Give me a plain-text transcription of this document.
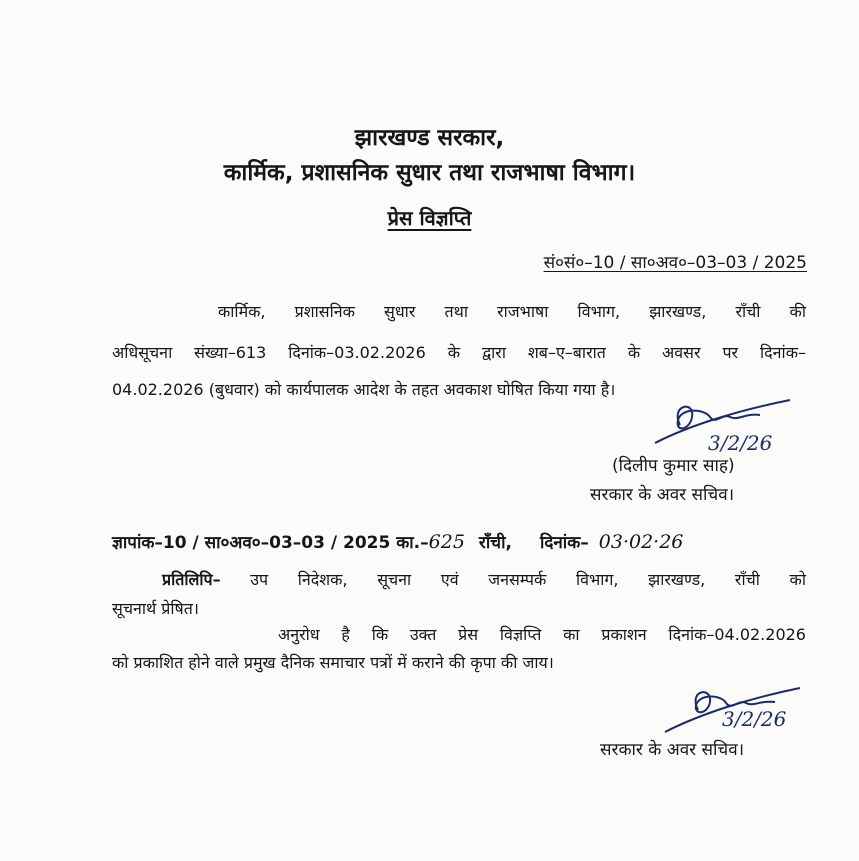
झारखण्ड सरकार,
कार्मिक, प्रशासनिक सुधार तथा राजभाषा विभाग।
प्रेस विज्ञप्ति
सं०सं०–10 / सा०अव०–03–03 / 2025
कार्मिक, प्रशासनिक सुधार तथा राजभाषा विभाग, झारखण्ड, राँची की
अधिसूचना संख्या–613 दिनांक–03.02.2026 के द्वारा शब–ए–बारात के अवसर पर दिनांक–
04.02.2026 (बुधवार) को कार्यपालक आदेश के तहत अवकाश घोषित किया गया है।
3/2/26
(दिलीप कुमार साह)
सरकार के अवर सचिव।
ज्ञापांक–10 / सा०अव०–03–03 / 2025 का.–625 राँची, दिनांक– 03·02·26
प्रतिलिपि– उप निदेशक, सूचना एवं जनसम्पर्क विभाग, झारखण्ड, राँची को
सूचनार्थ प्रेषित।
अनुरोध है कि उक्त प्रेस विज्ञप्ति का प्रकाशन दिनांक–04.02.2026
को प्रकाशित होने वाले प्रमुख दैनिक समाचार पत्रों में कराने की कृपा की जाय।
3/2/26
सरकार के अवर सचिव।
